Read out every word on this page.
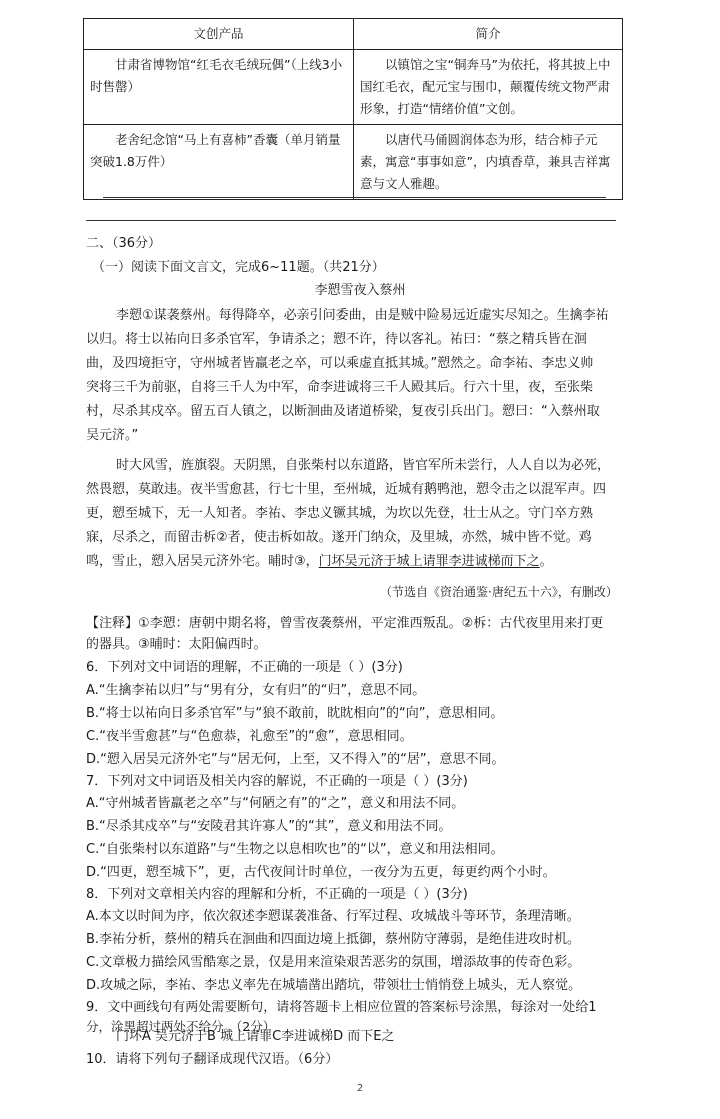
文创产品	简介
甘肃省博物馆“红毛衣毛绒玩偶”（上线3小时售罄）	以镇馆之宝“铜奔马”为依托，将其披上中国红毛衣，配元宝与围巾，颠覆传统文物严肃形象，打造“情绪价值”文创。
老舍纪念馆“马上有喜柿”香囊（单月销量突破1.8万件）	以唐代马俑圆润体态为形，结合柿子元素，寓意“事事如意”，内填香草，兼具吉祥寓意与文人雅趣。
二、（36分）
（一）阅读下面文言文，完成6~11题。（共21分）
李愬雪夜入蔡州
李愬①谋袭蔡州。每得降卒，必亲引问委曲，由是贼中险易远近虚实尽知之。生擒李祐
以归。将士以祐向日多杀官军，争请杀之；愬不许，待以客礼。祐曰：“蔡之精兵皆在洄
曲，及四境拒守，守州城者皆羸老之卒，可以乘虚直抵其城。”愬然之。命李祐、李忠义帅
突将三千为前驱，自将三千人为中军，命李进诚将三千人殿其后。行六十里，夜，至张柴
村，尽杀其戍卒。留五百人镇之，以断洄曲及诸道桥梁，复夜引兵出门。愬曰：“入蔡州取
吴元济。”
时大风雪，旌旗裂。天阴黑，自张柴村以东道路，皆官军所未尝行，人人自以为必死，
然畏愬，莫敢违。夜半雪愈甚，行七十里，至州城，近城有鹅鸭池，愬令击之以混军声。四
更，愬至城下，无一人知者。李祐、李忠义镢其城，为坎以先登，壮士从之。守门卒方熟
寐，尽杀之，而留击柝②者，使击柝如故。遂开门纳众，及里城，亦然，城中皆不觉。鸡
鸣，雪止，愬入居吴元济外宅。晡时③，门坏吴元济于城上请罪李进诚梯而下之。
（节选自《资治通鉴·唐纪五十六》，有删改）
【注释】①李愬：唐朝中期名将，曾雪夜袭蔡州，平定淮西叛乱。②柝：古代夜里用来打更
的器具。③晡时：太阳偏西时。
6．下列对文中词语的理解，不正确的一项是（ ）(3分)
A.“生擒李祐以归”与“男有分，女有归”的“归”，意思不同。
B.“将士以祐向日多杀官军”与“狼不敢前，眈眈相向”的“向”，意思相同。
C.“夜半雪愈甚”与“色愈恭，礼愈至”的“愈”，意思相同。
D.“愬入居吴元济外宅”与“居无何，上至，又不得入”的“居”，意思不同。
7．下列对文中词语及相关内容的解说，不正确的一项是（ ）(3分)
A.“守州城者皆羸老之卒”与“何陋之有”的“之”，意义和用法不同。
B.“尽杀其戍卒”与“安陵君其许寡人”的“其”，意义和用法不同。
C.“自张柴村以东道路”与“生物之以息相吹也”的“以”，意义和用法相同。
D.“四更，愬至城下”，更，古代夜间计时单位，一夜分为五更，每更约两个小时。
8．下列对文章相关内容的理解和分析，不正确的一项是（ ）(3分)
A.本文以时间为序，依次叙述李愬谋袭准备、行军过程、攻城战斗等环节，条理清晰。
B.李祐分析，蔡州的精兵在洄曲和四面边境上抵御，蔡州防守薄弱，是绝佳进攻时机。
C.文章极力描绘风雪酷寒之景，仅是用来渲染艰苦恶劣的氛围，增添故事的传奇色彩。
D.攻城之际，李祐、李忠义率先在城墙凿出踏坑，带领壮士悄悄登上城头，无人察觉。
9．文中画线句有两处需要断句，请将答题卡上相应位置的答案标号涂黑，每涂对一处给1
分，涂黑超过两处不给分。（2分）
门坏A 吴元济于B 城上请罪C李进诚梯D 而下E之
10．请将下列句子翻译成现代汉语。（6分）
2
